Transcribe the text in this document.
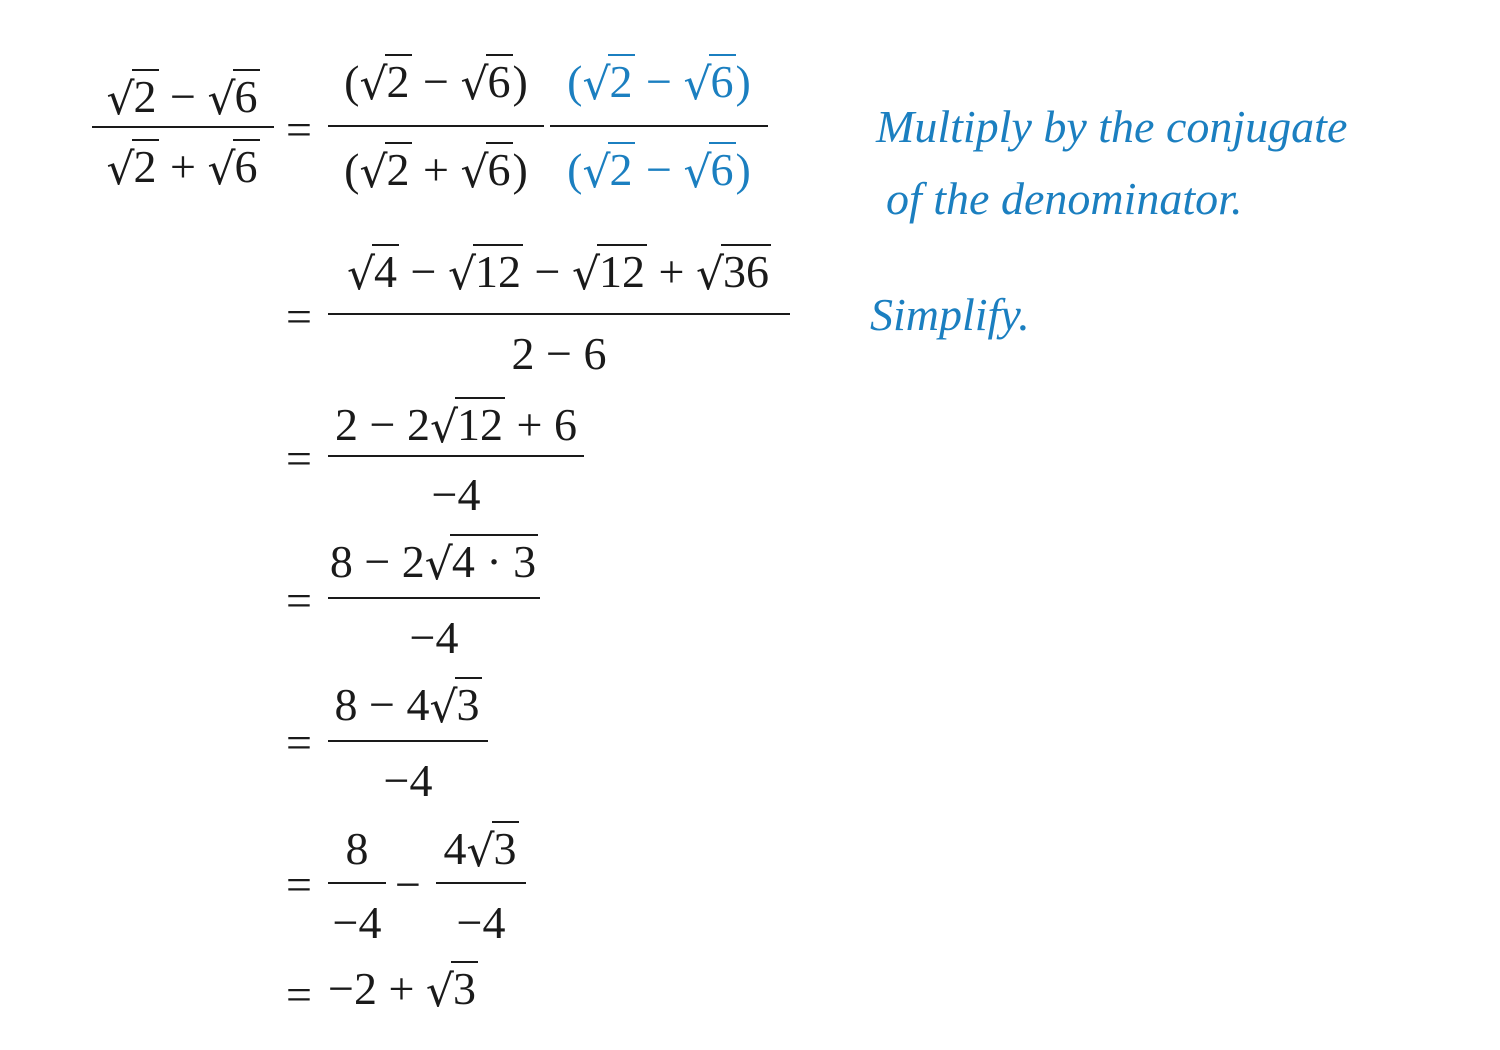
√2 − √6
√2 + √6
=
(√2 − √6)
(√2 + √6)
(√2 − √6)
(√2 − √6)
Multiply by the conjugate
of the denominator.
=
√4 − √12 − √12 + √36
2 − 6
Simplify.
=
2 − 2√12 + 6
−4
=
8 − 2√4 · 3
−4
=
8 − 4√3
−4
=
8
−4
−
4√3
−4
= −2 + √3
